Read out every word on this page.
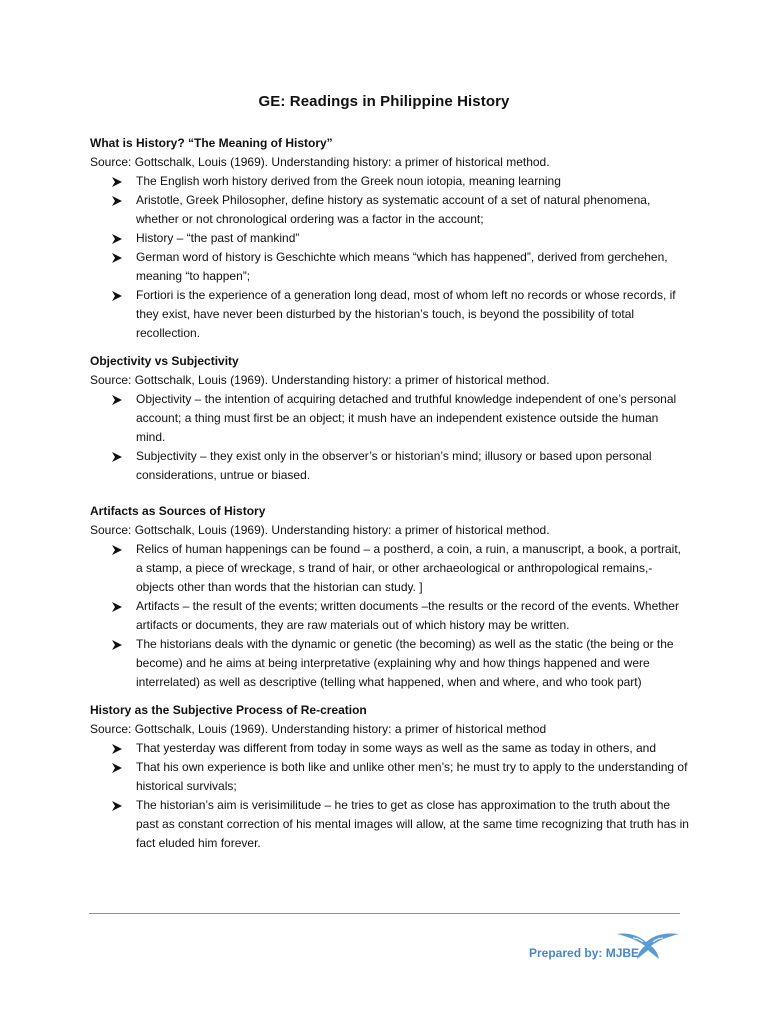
GE: Readings in Philippine History
What is History? “The Meaning of History”
Source: Gottschalk, Louis (1969). Understanding history: a primer of historical method.
The English worh history derived from the Greek noun iotopia, meaning learning
Aristotle, Greek Philosopher, define history as systematic account of a set of natural phenomena, whether or not chronological ordering was a factor in the account;
History – “the past of mankind”
German word of history is Geschichte which means “which has happened”, derived from gerchehen, meaning “to happen”;
Fortiori is the experience of a generation long dead, most of whom left no records or whose records, if they exist, have never been disturbed by the historian’s touch, is beyond the possibility of total recollection.
Objectivity vs Subjectivity
Source: Gottschalk, Louis (1969). Understanding history: a primer of historical method.
Objectivity – the intention of acquiring detached and truthful knowledge independent of one’s personal account; a thing must first be an object; it mush have an independent existence outside the human mind.
Subjectivity – they exist only in the observer’s or historian’s mind; illusory or based upon personal considerations, untrue or biased.
Artifacts as Sources of History
Source: Gottschalk, Louis (1969). Understanding history: a primer of historical method.
Relics of human happenings can be found – a postherd, a coin, a ruin, a manuscript, a book, a portrait, a stamp, a piece of wreckage, s trand of hair, or other archaeological or anthropological remains,- objects other than words that the historian can study. ]
Artifacts – the result of the events; written documents –the results or the record of the events. Whether artifacts or documents, they are raw materials out of which history may be written.
The historians deals with the dynamic or genetic (the becoming) as well as the static (the being or the become) and he aims at being interpretative (explaining why and how things happened and were interrelated) as well as descriptive (telling what happened, when and where, and who took part)
History as the Subjective Process of Re-creation
Source: Gottschalk, Louis (1969). Understanding history: a primer of historical method
That yesterday was different from today in some ways as well as the same as today in others, and
That his own experience is both like and unlike other men’s; he must try to apply to the understanding of historical survivals;
The historian’s aim is verisimilitude – he tries to get as close has approximation to the truth about the past as constant correction of his mental images will allow, at the same time recognizing that truth has in fact eluded him forever.
Prepared by: MJBE
